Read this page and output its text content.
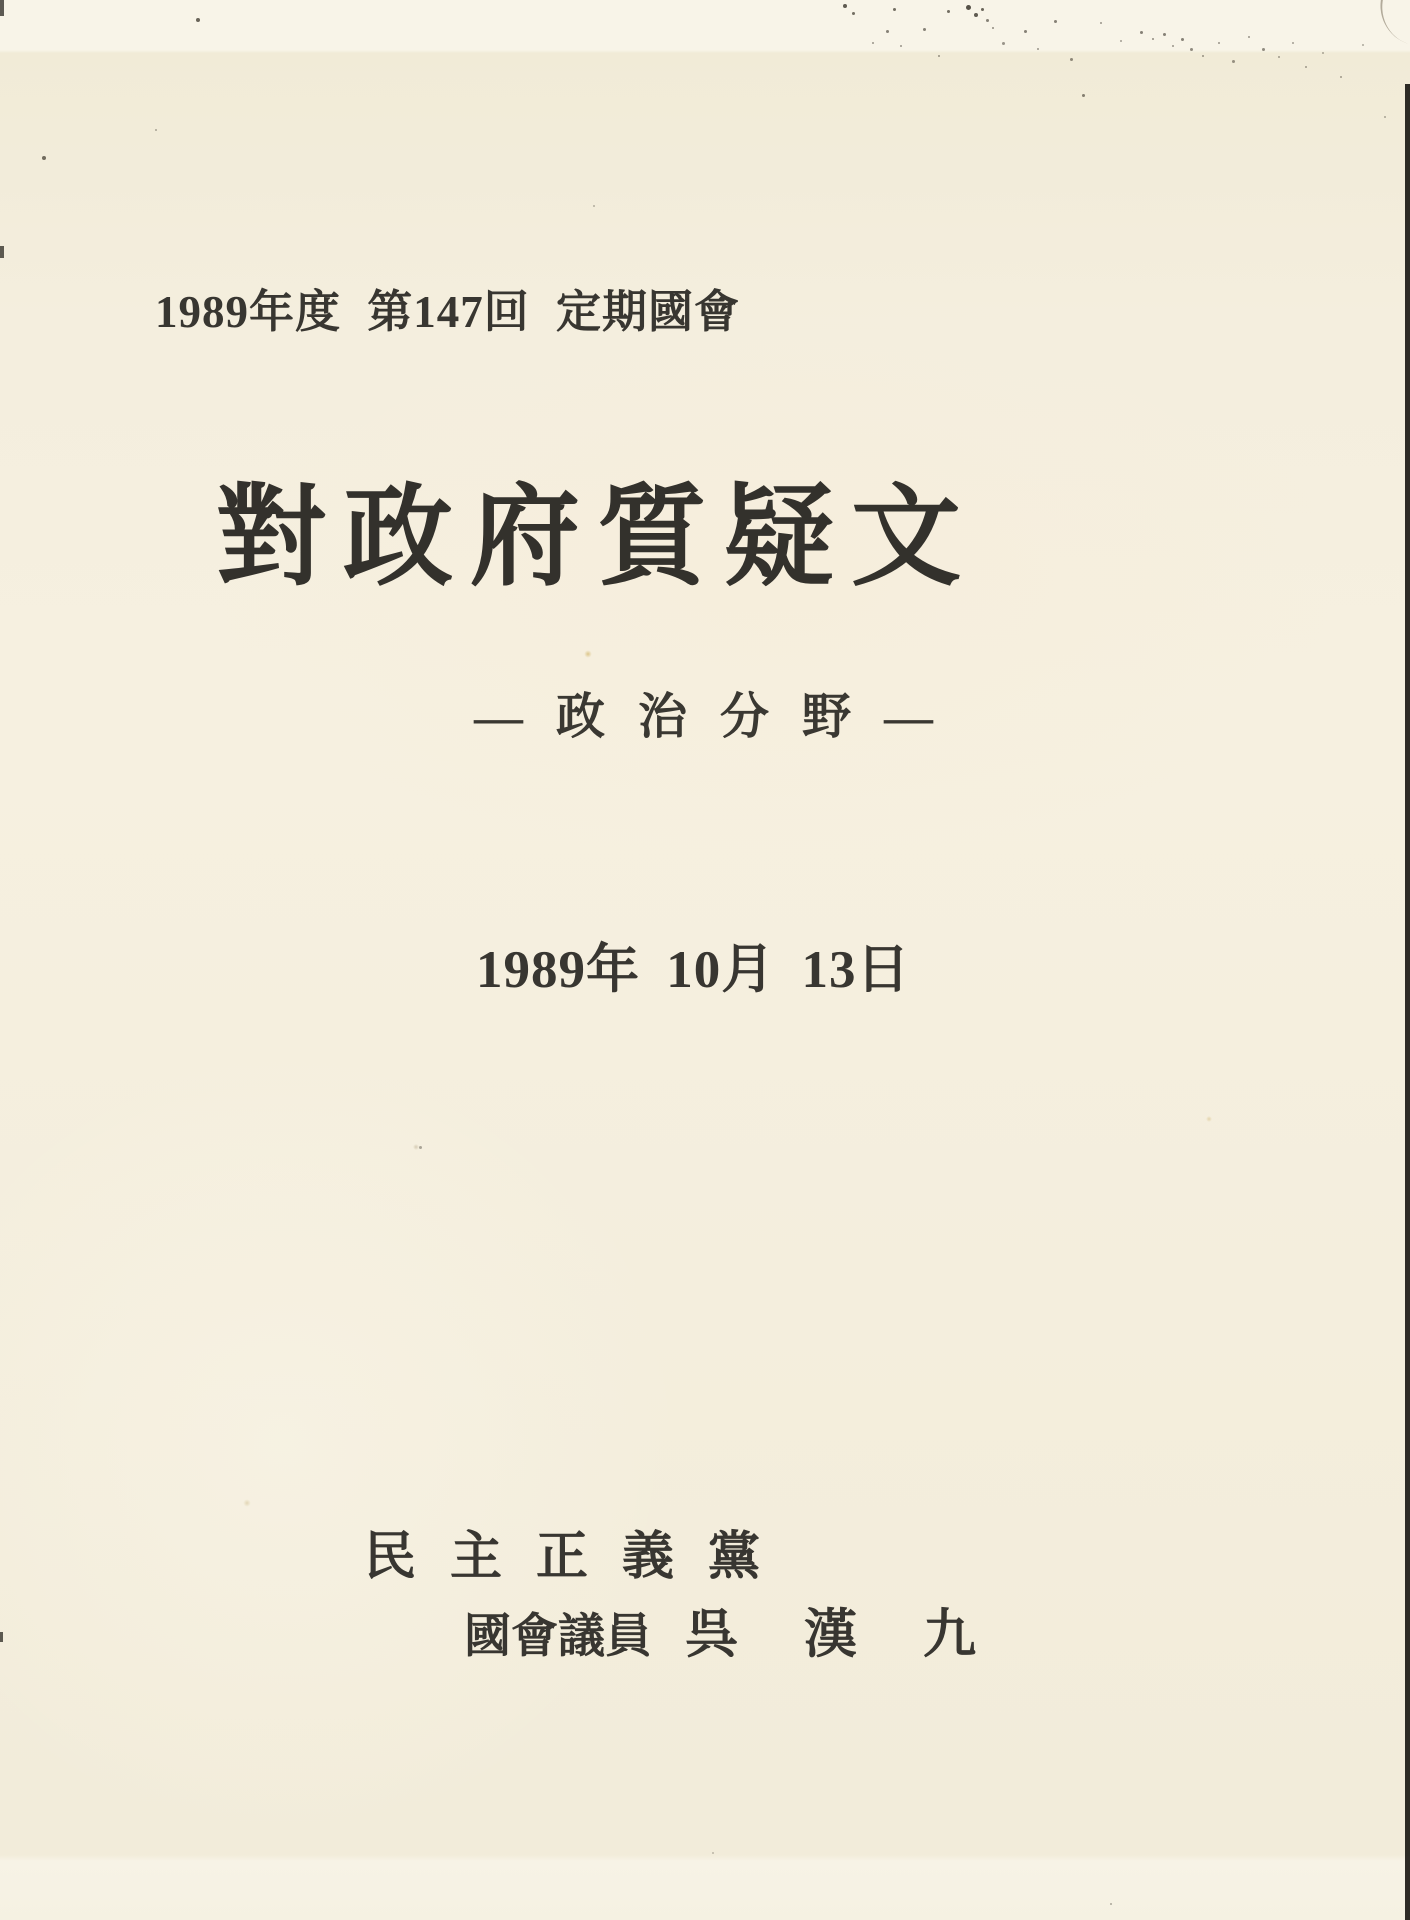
1989年度 第147回 定期國會
對政府質疑文
—政治分野—
1989年 10月 13日
民主正義黨
國會議員 呉漢九
